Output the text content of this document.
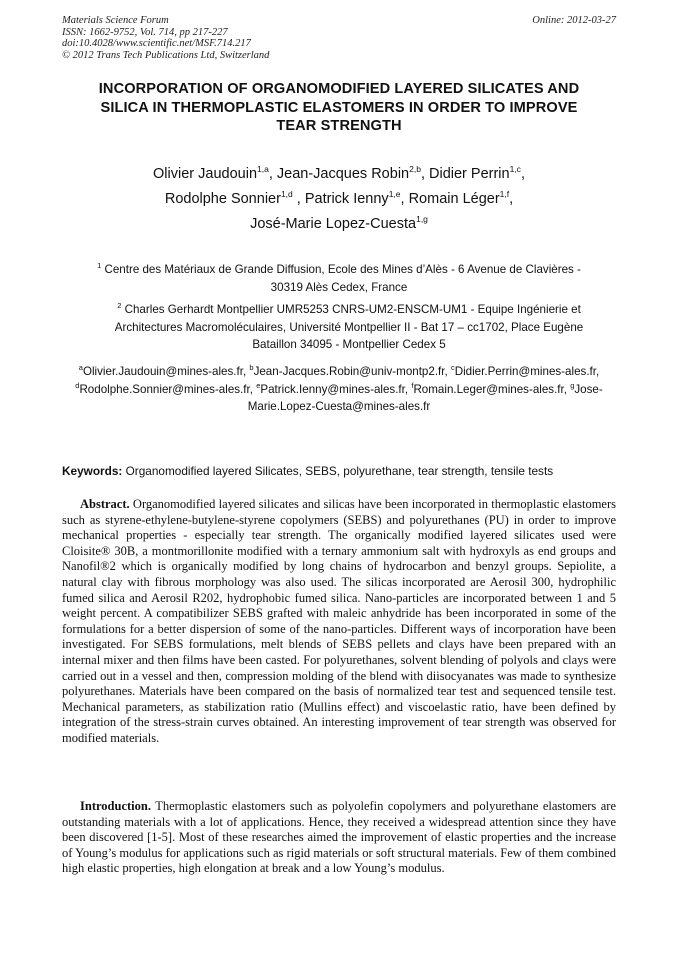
Materials Science Forum
ISSN: 1662-9752, Vol. 714, pp 217-227
doi:10.4028/www.scientific.net/MSF.714.217
© 2012 Trans Tech Publications Ltd, Switzerland
Online: 2012-03-27
INCORPORATION OF ORGANOMODIFIED LAYERED SILICATES AND
SILICA IN THERMOPLASTIC ELASTOMERS IN ORDER TO IMPROVE
TEAR STRENGTH
Olivier Jaudouin$^{1,a}$, Jean-Jacques Robin$^{2,b}$, Didier Perrin$^{1,c}$,
Rodolphe Sonnier$^{1,d}$ , Patrick Ienny$^{1,e}$, Romain Léger$^{1,f}$,
José-Marie Lopez-Cuesta$^{1,g}$
$^1$ Centre des Matériaux de Grande Diffusion, Ecole des Mines d’Alès - 6 Avenue de Clavières -
30319 Alès Cedex, France
$^2$ Charles Gerhardt Montpellier UMR5253 CNRS-UM2-ENSCM-UM1 - Equipe Ingénierie et
Architectures Macromoléculaires, Université Montpellier II - Bat 17 – cc1702, Place Eugène
Bataillon 34095 - Montpellier Cedex 5
$^a$Olivier.Jaudouin@mines-ales.fr, $^b$Jean-Jacques.Robin@univ-montp2.fr, $^c$Didier.Perrin@mines-ales.fr, $^d$Rodolphe.Sonnier@mines-ales.fr, $^e$Patrick.Ienny@mines-ales.fr, $^f$Romain.Leger@mines-ales.fr, $^g$Jose-Marie.Lopez-Cuesta@mines-ales.fr
Keywords: Organomodified layered Silicates, SEBS, polyurethane, tear strength, tensile tests

Abstract. Organomodified layered silicates and silicas have been incorporated in thermoplastic elastomers such as styrene-ethylene-butylene-styrene copolymers (SEBS) and polyurethanes (PU) in order to improve mechanical properties - especially tear strength. The organically modified layered silicates used were Cloisite® 30B, a montmorillonite modified with a ternary ammonium salt with hydroxyls as end groups and Nanofil®2 which is organically modified by long chains of hydrocarbon and benzyl groups. Sepiolite, a natural clay with fibrous morphology was also used. The silicas incorporated are Aerosil 300, hydrophilic fumed silica and Aerosil R202, hydrophobic fumed silica. Nano-particles are incorporated between 1 and 5 weight percent. A compatibilizer SEBS grafted with maleic anhydride has been incorporated in some of the formulations for a better dispersion of some of the nano-particles. Different ways of incorporation have been investigated. For SEBS formulations, melt blends of SEBS pellets and clays have been prepared with an internal mixer and then films have been casted. For polyurethanes, solvent blending of polyols and clays were carried out in a vessel and then, compression molding of the blend with diisocyanates was made to synthesize polyurethanes. Materials have been compared on the basis of normalized tear test and sequenced tensile test. Mechanical parameters, as stabilization ratio (Mullins effect) and viscoelastic ratio, have been defined by integration of the stress-strain curves obtained. An interesting improvement of tear strength was observed for modified materials.

Introduction. Thermoplastic elastomers such as polyolefin copolymers and polyurethane elastomers are outstanding materials with a lot of applications. Hence, they received a widespread attention since they have been discovered [1-5]. Most of these researches aimed the improvement of elastic properties and the increase of Young’s modulus for applications such as rigid materials or soft structural materials. Few of them combined high elastic properties, high elongation at break and a low Young’s modulus.
